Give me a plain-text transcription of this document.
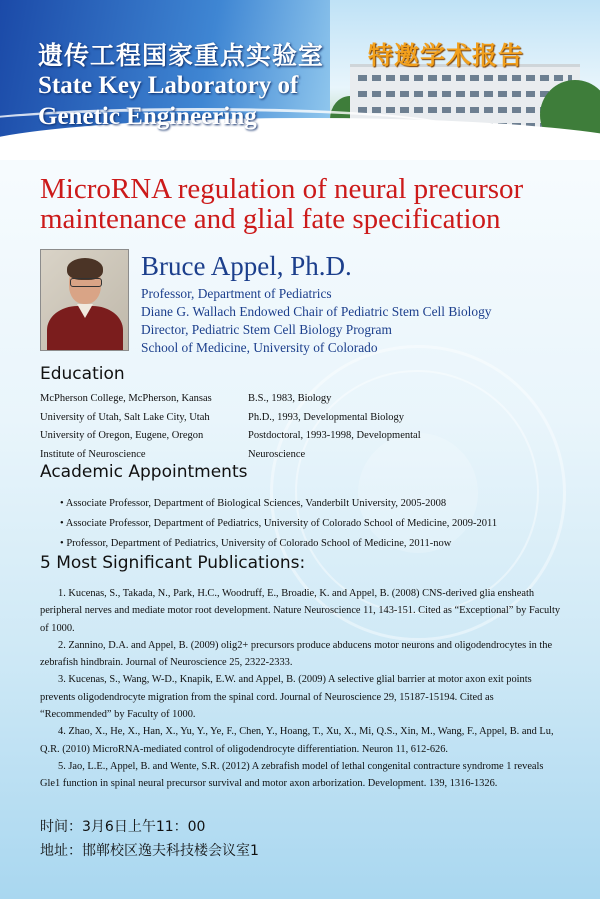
遗传工程国家重点实验室 特邀学术报告
State Key Laboratory of
Genetic Engineering
MicroRNA regulation of neural precursor maintenance and glial fate specification
Bruce Appel, Ph.D.
Professor, Department of Pediatrics
Diane G. Wallach Endowed Chair of Pediatric Stem Cell Biology
Director, Pediatric Stem Cell Biology Program
School of Medicine, University of Colorado
Education
McPherson College, McPherson, Kansas	B.S., 1983, Biology
University of Utah, Salt Lake City, Utah	Ph.D., 1993, Developmental Biology
University of Oregon, Eugene, Oregon	Postdoctoral, 1993-1998, Developmental
Institute of Neuroscience	Neuroscience
Academic Appointments
• Associate Professor, Department of Biological Sciences, Vanderbilt University, 2005-2008
• Associate Professor, Department of Pediatrics, University of Colorado School of Medicine, 2009-2011
• Professor, Department of Pediatrics, University of Colorado School of Medicine, 2011-now
5 Most Significant Publications:

1. Kucenas, S., Takada, N., Park, H.C., Woodruff, E., Broadie, K. and Appel, B. (2008) CNS-derived glia ensheath peripheral nerves and mediate motor root development. Nature Neuroscience 11, 143-151. Cited as “Exceptional” by Faculty of 1000.

2. Zannino, D.A. and Appel, B. (2009) olig2+ precursors produce abducens motor neurons and oligodendrocytes in the zebrafish hindbrain. Journal of Neuroscience 25, 2322-2333.

3. Kucenas, S., Wang, W-D., Knapik, E.W. and Appel, B. (2009) A selective glial barrier at motor axon exit points prevents oligodendrocyte migration from the spinal cord. Journal of Neuroscience 29, 15187-15194. Cited as “Recommended” by Faculty of 1000.

4. Zhao, X., He, X., Han, X., Yu, Y., Ye, F., Chen, Y., Hoang, T., Xu, X., Mi, Q.S., Xin, M., Wang, F., Appel, B. and Lu, Q.R. (2010) MicroRNA-mediated control of oligodendrocyte differentiation. Neuron 11, 612-626.

5. Jao, L.E., Appel, B. and Wente, S.R. (2012) A zebrafish model of lethal congenital contracture syndrome 1 reveals Gle1 function in spinal neural precursor survival and motor axon arborization. Development. 139, 1316-1326.

时间：3月6日上午11：00
地址：邯郸校区逸夫科技楼会议室1
